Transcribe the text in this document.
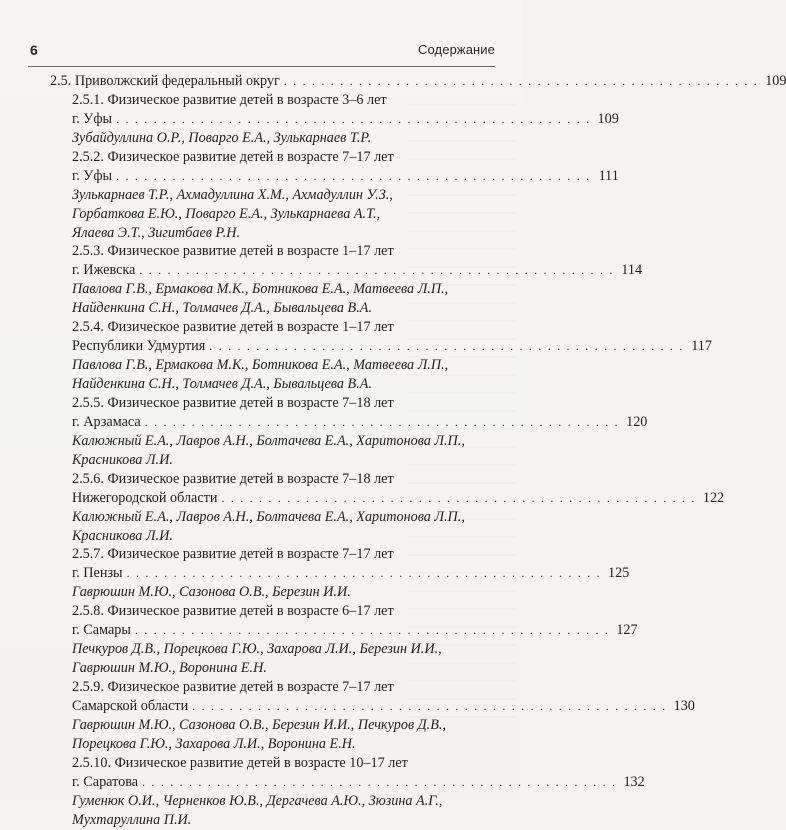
6	Содержание
2.5. Приволжский федеральный округ . . . . . . . . . . . . . . . . . . . . . . . . . . . . . . . . . . . . . . . . . . . . . . . . . . . 109
2.5.1. Физическое развитие детей в возрасте 3–6 лет
г. Уфы . . . . . . . . . . . . . . . . . . . . . . . . . . . . . . . . . . . . . . . . . . . . . . . . . . . 109
Зубайдуллина О.Р., Поварго Е.А., Зулькарнаев Т.Р.
2.5.2. Физическое развитие детей в возрасте 7–17 лет
г. Уфы . . . . . . . . . . . . . . . . . . . . . . . . . . . . . . . . . . . . . . . . . . . . . . . . . . . 111
Зулькарнаев Т.Р., Ахмадуллина Х.М., Ахмадуллин У.З.,
Горбаткова Е.Ю., Поварго Е.А., Зулькарнаева А.Т.,
Ялаева Э.Т., Зигитбаев Р.Н.
2.5.3. Физическое развитие детей в возрасте 1–17 лет
г. Ижевска . . . . . . . . . . . . . . . . . . . . . . . . . . . . . . . . . . . . . . . . . . . . . . . . . . . 114
Павлова Г.В., Ермакова М.К., Ботникова Е.А., Матвеева Л.П.,
Найденкина С.Н., Толмачев Д.А., Бывальцева В.А.
2.5.4. Физическое развитие детей в возрасте 1–17 лет
Республики Удмуртия . . . . . . . . . . . . . . . . . . . . . . . . . . . . . . . . . . . . . . . . . . . . . . . . . . . 117
Павлова Г.В., Ермакова М.К., Ботникова Е.А., Матвеева Л.П.,
Найденкина С.Н., Толмачев Д.А., Бывальцева В.А.
2.5.5. Физическое развитие детей в возрасте 7–18 лет
г. Арзамаса . . . . . . . . . . . . . . . . . . . . . . . . . . . . . . . . . . . . . . . . . . . . . . . . . . . 120
Калюжный Е.А., Лавров А.Н., Болтачева Е.А., Харитонова Л.П.,
Красникова Л.И.
2.5.6. Физическое развитие детей в возрасте 7–18 лет
Нижегородской области . . . . . . . . . . . . . . . . . . . . . . . . . . . . . . . . . . . . . . . . . . . . . . . . . . . 122
Калюжный Е.А., Лавров А.Н., Болтачева Е.А., Харитонова Л.П.,
Красникова Л.И.
2.5.7. Физическое развитие детей в возрасте 7–17 лет
г. Пензы . . . . . . . . . . . . . . . . . . . . . . . . . . . . . . . . . . . . . . . . . . . . . . . . . . . 125
Гаврюшин М.Ю., Сазонова О.В., Березин И.И.
2.5.8. Физическое развитие детей в возрасте 6–17 лет
г. Самары . . . . . . . . . . . . . . . . . . . . . . . . . . . . . . . . . . . . . . . . . . . . . . . . . . . 127
Печкуров Д.В., Порецкова Г.Ю., Захарова Л.И., Березин И.И.,
Гаврюшин М.Ю., Воронина Е.Н.
2.5.9. Физическое развитие детей в возрасте 7–17 лет
Самарской области . . . . . . . . . . . . . . . . . . . . . . . . . . . . . . . . . . . . . . . . . . . . . . . . . . . 130
Гаврюшин М.Ю., Сазонова О.В., Березин И.И., Печкуров Д.В.,
Порецкова Г.Ю., Захарова Л.И., Воронина Е.Н.
2.5.10. Физическое развитие детей в возрасте 10–17 лет
г. Саратова . . . . . . . . . . . . . . . . . . . . . . . . . . . . . . . . . . . . . . . . . . . . . . . . . . . 132
Гуменюк О.И., Черненков Ю.В., Дергачева А.Ю., Зюзина А.Г.,
Мухтаруллина П.И.
